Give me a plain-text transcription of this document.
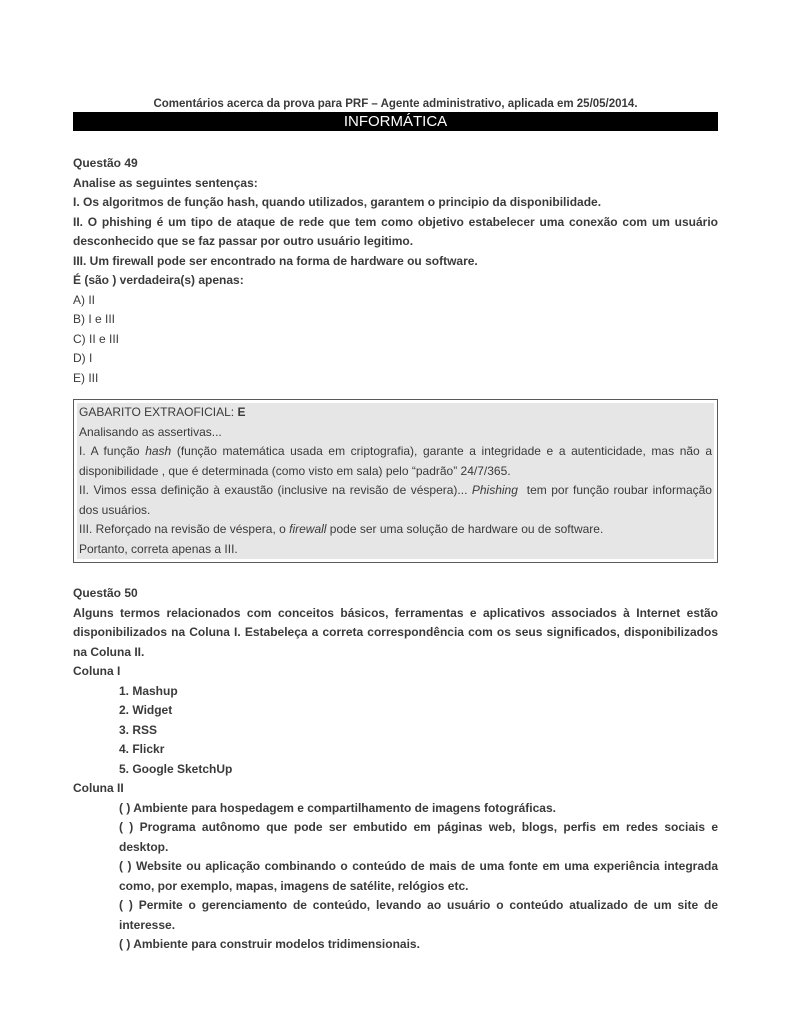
Comentários acerca da prova para PRF – Agente administrativo, aplicada em 25/05/2014.
INFORMÁTICA
Questão 49
Analise as seguintes sentenças:
I. Os algoritmos de função hash, quando utilizados, garantem o principio da disponibilidade.
II. O phishing é um tipo de ataque de rede que tem como objetivo estabelecer uma conexão com um usuário desconhecido que se faz passar por outro usuário legitimo.
III. Um firewall pode ser encontrado na forma de hardware ou software.
É (são ) verdadeira(s) apenas:
A) II
B) I e III
C) II e III
D) I
E) III
GABARITO EXTRAOFICIAL: E
Analisando as assertivas...
I. A função hash (função matemática usada em criptografia), garante a integridade e a autenticidade, mas não a disponibilidade , que é determinada (como visto em sala) pelo “padrão” 24/7/365.
II. Vimos essa definição à exaustão (inclusive na revisão de véspera)... Phishing  tem por função roubar informação dos usuários.
III. Reforçado na revisão de véspera, o firewall pode ser uma solução de hardware ou de software.
Portanto, correta apenas a III.
Questão 50
Alguns termos relacionados com conceitos básicos, ferramentas e aplicativos associados à Internet estão disponibilizados na Coluna I. Estabeleça a correta correspondência com os seus significados, disponibilizados na Coluna II.
Coluna I
1. Mashup
2. Widget
3. RSS
4. Flickr
5. Google SketchUp
Coluna II
( ) Ambiente para hospedagem e compartilhamento de imagens fotográficas.
( ) Programa autônomo que pode ser embutido em páginas web, blogs, perfis em redes sociais e desktop.
( ) Website ou aplicação combinando o conteúdo de mais de uma fonte em uma experiência integrada como, por exemplo, mapas, imagens de satélite, relógios etc.
( ) Permite o gerenciamento de conteúdo, levando ao usuário o conteúdo atualizado de um site de interesse.
( ) Ambiente para construir modelos tridimensionais.
